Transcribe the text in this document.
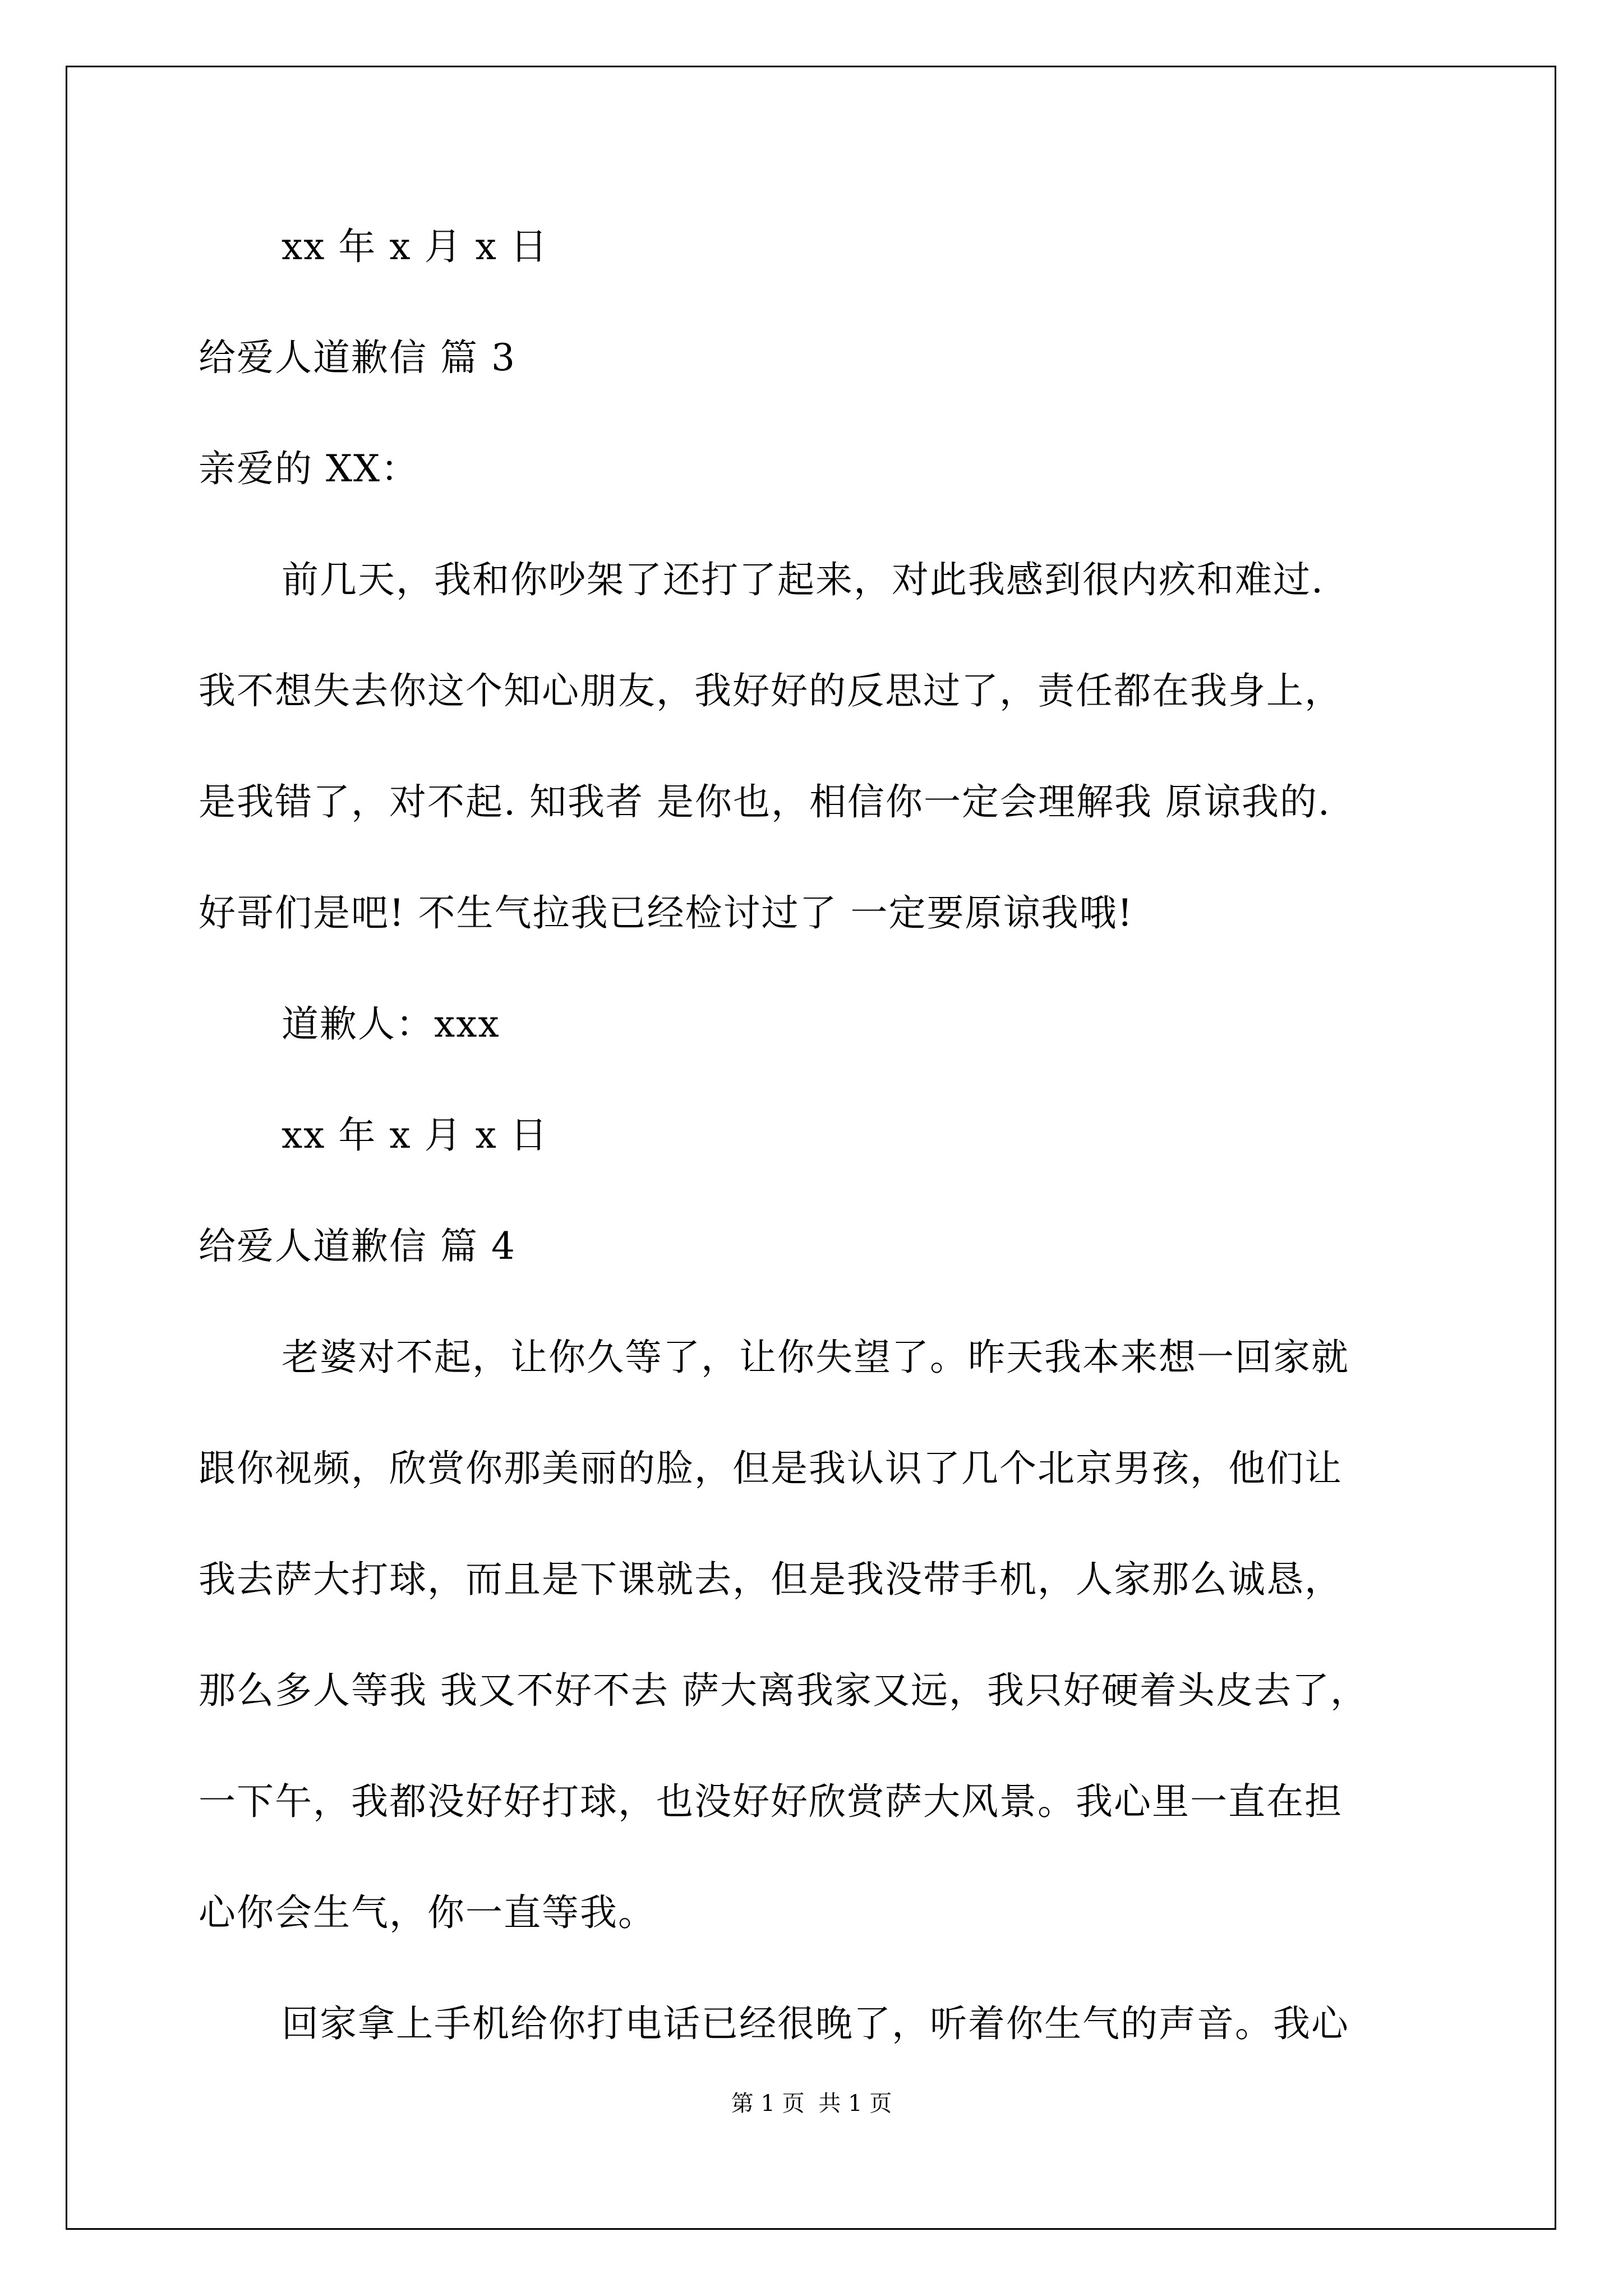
xx 年 x 月 x 日
给爱人道歉信 篇 3
亲爱的 XX：
前几天，我和你吵架了还打了起来，对此我感到很内疚和难过.
我不想失去你这个知心朋友，我好好的反思过了，责任都在我身上，
是我错了，对不起. 知我者 是你也，相信你一定会理解我 原谅我的.
好哥们是吧! 不生气拉我已经检讨过了 一定要原谅我哦!
道歉人：xxx
xx 年 x 月 x 日
给爱人道歉信 篇 4
老婆对不起，让你久等了，让你失望了。昨天我本来想一回家就
跟你视频，欣赏你那美丽的脸，但是我认识了几个北京男孩，他们让
我去萨大打球，而且是下课就去，但是我没带手机，人家那么诚恳，
那么多人等我 我又不好不去 萨大离我家又远，我只好硬着头皮去了，
一下午，我都没好好打球，也没好好欣赏萨大风景。我心里一直在担
心你会生气，你一直等我。
回家拿上手机给你打电话已经很晚了，听着你生气的声音。我心
第 1 页 共 1 页
